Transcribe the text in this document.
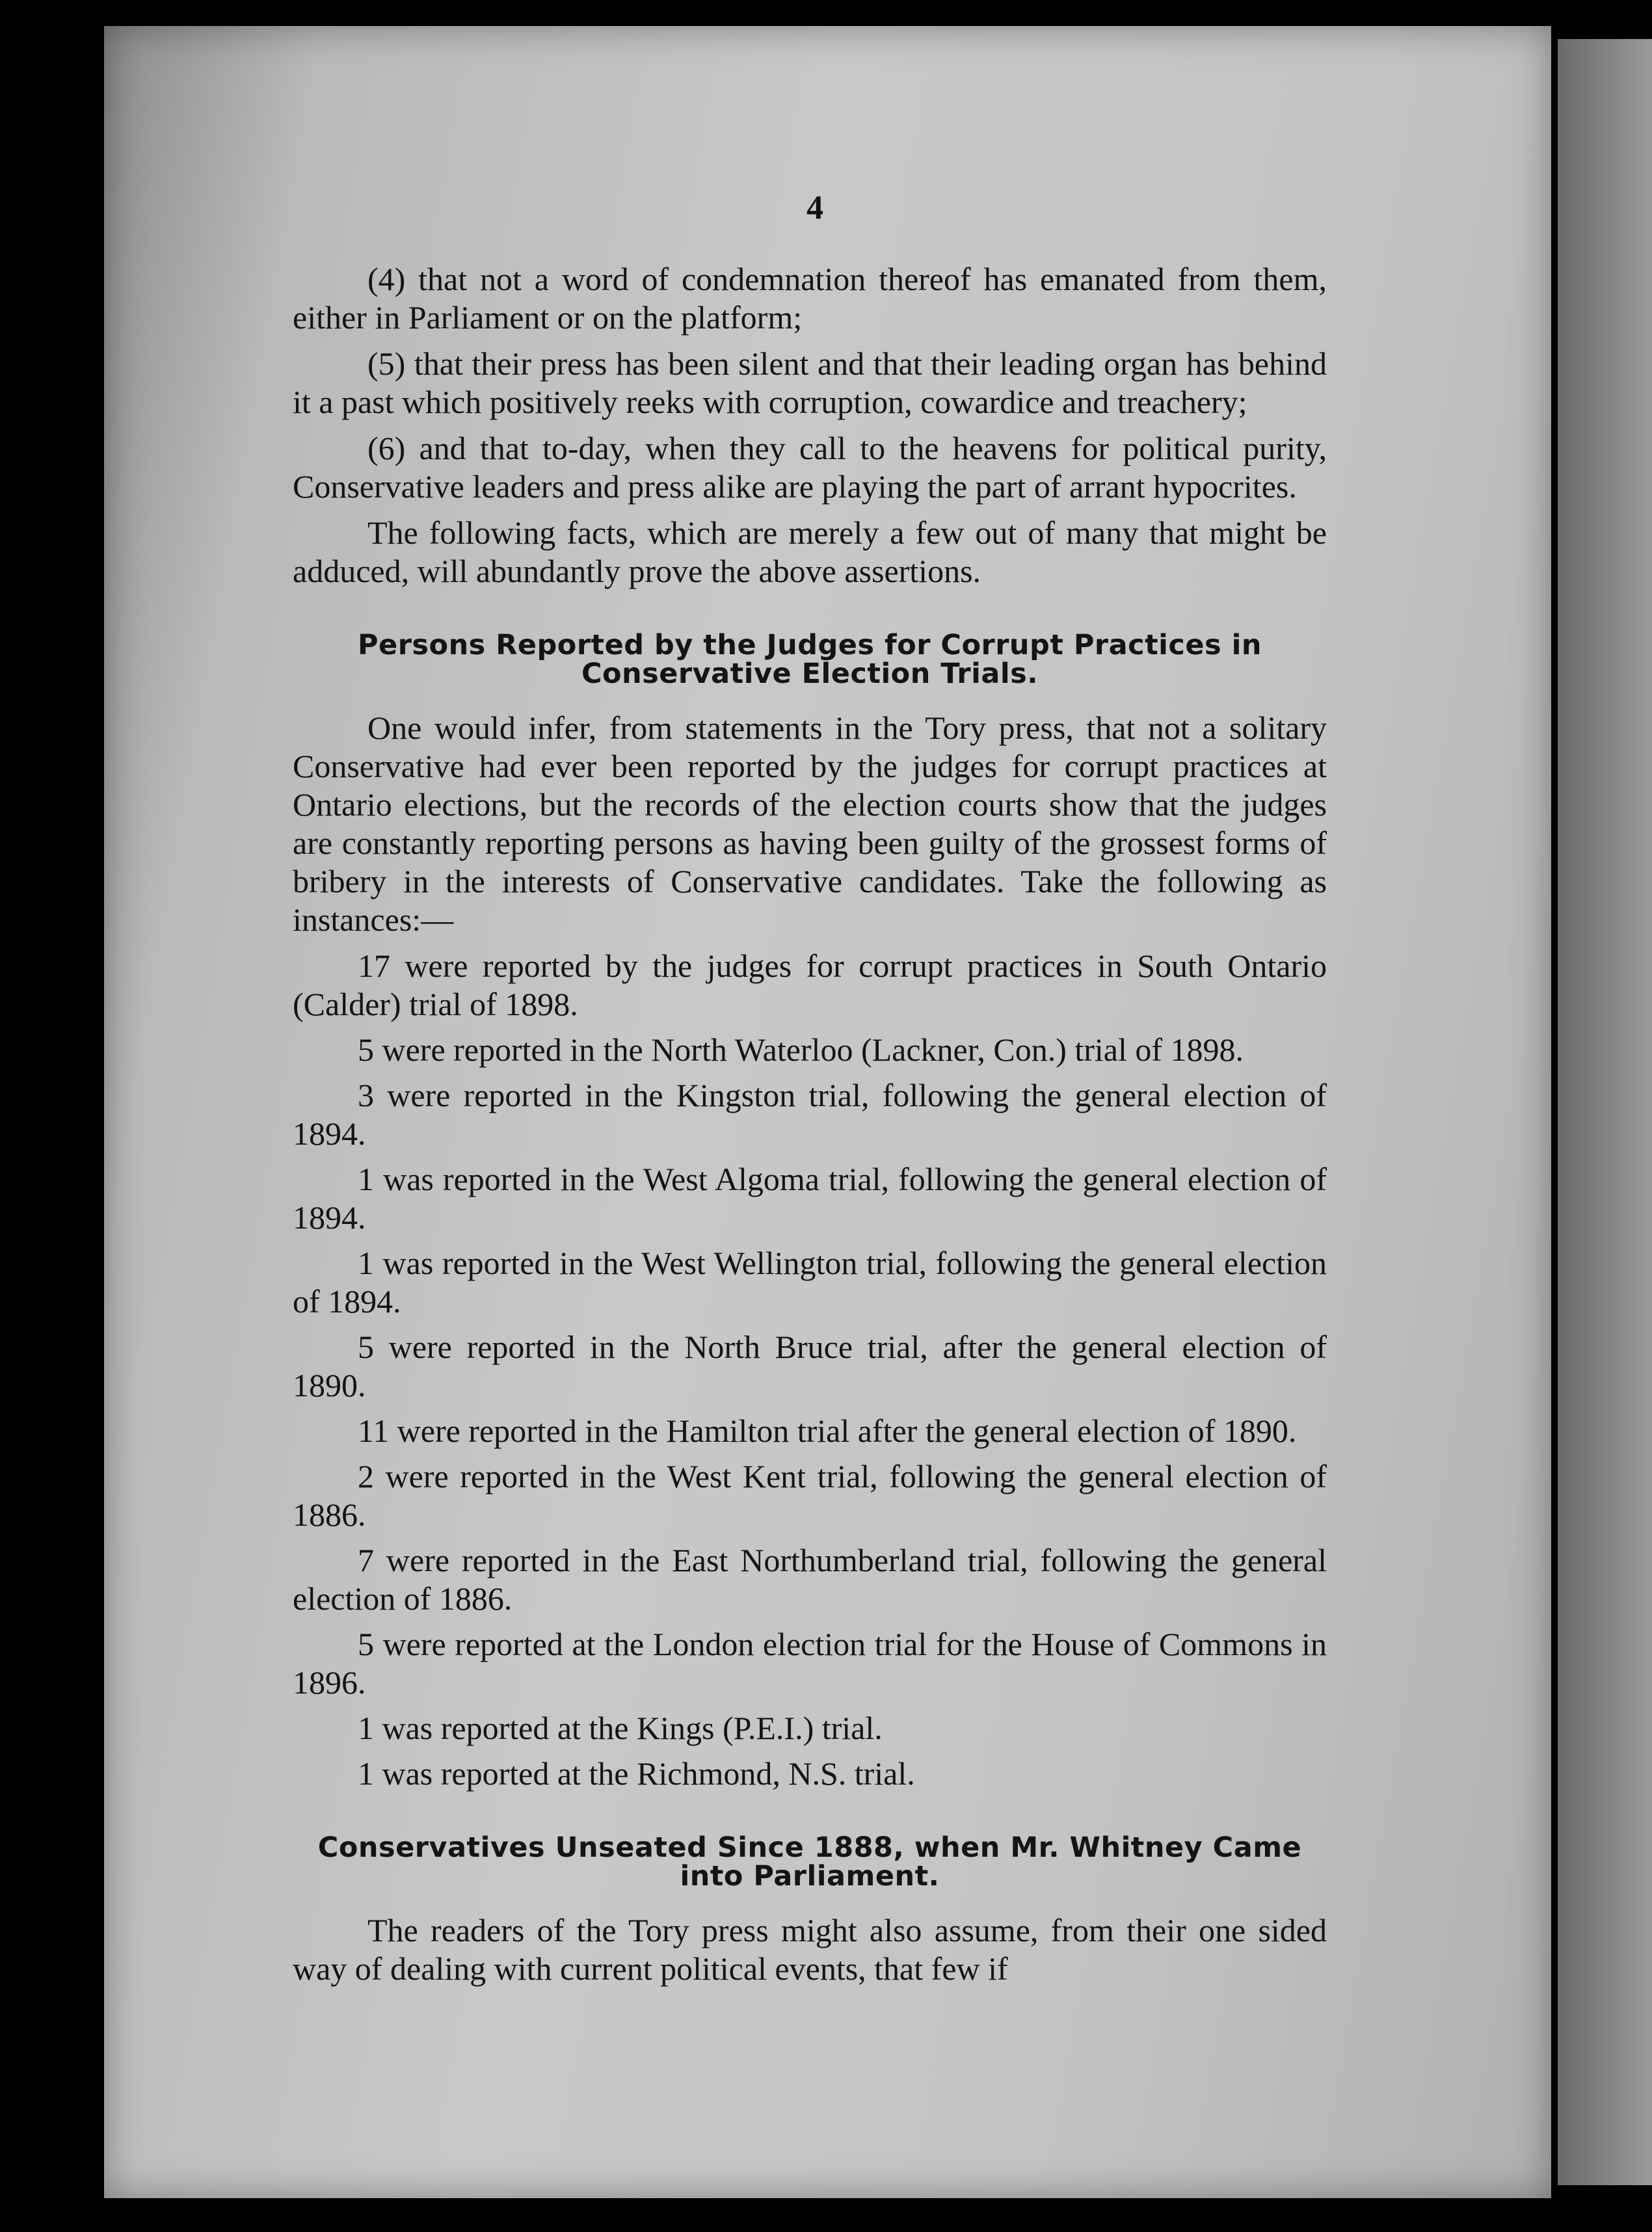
4

(4) that not a word of condemnation thereof has emanated from them, either in Parliament or on the platform;

(5) that their press has been silent and that their leading organ has behind it a past which positively reeks with corruption, cowardice and treachery;

(6) and that to-day, when they call to the heavens for political purity, Conservative leaders and press alike are playing the part of arrant hypocrites.

The following facts, which are merely a few out of many that might be adduced, will abundantly prove the above assertions.

Persons Reported by the Judges for Corrupt Practices in Conservative Election Trials.

One would infer, from statements in the Tory press, that not a solitary Conservative had ever been reported by the judges for corrupt practices at Ontario elections, but the records of the election courts show that the judges are constantly reporting persons as having been guilty of the grossest forms of bribery in the interests of Conservative candidates. Take the following as instances:—

17 were reported by the judges for corrupt practices in South Ontario (Calder) trial of 1898.

5 were reported in the North Waterloo (Lackner, Con.) trial of 1898.

3 were reported in the Kingston trial, following the general election of 1894.

1 was reported in the West Algoma trial, following the general election of 1894.

1 was reported in the West Wellington trial, following the general election of 1894.

5 were reported in the North Bruce trial, after the general election of 1890.

11 were reported in the Hamilton trial after the general election of 1890.

2 were reported in the West Kent trial, following the general election of 1886.

7 were reported in the East Northumberland trial, following the general election of 1886.

5 were reported at the London election trial for the House of Commons in 1896.

1 was reported at the Kings (P.E.I.) trial.

1 was reported at the Richmond, N.S. trial.

Conservatives Unseated Since 1888, when Mr. Whitney Came into Parliament.

The readers of the Tory press might also assume, from their one sided way of dealing with current political events, that few if
